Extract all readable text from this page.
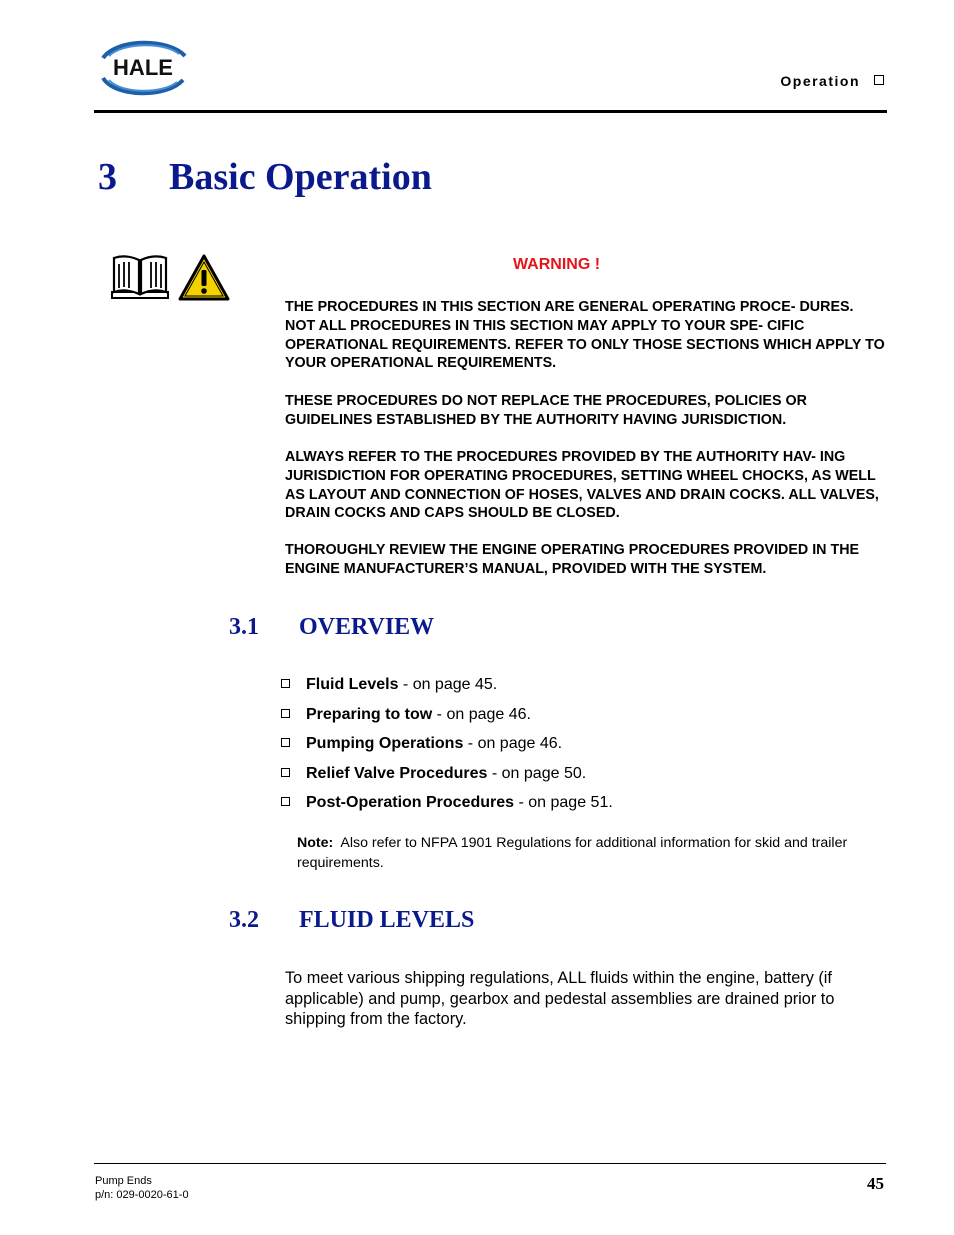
HALE
Operation
3 Basic Operation
WARNING !

THE PROCEDURES IN THIS SECTION ARE GENERAL OPERATING PROCE- DURES. NOT ALL PROCEDURES IN THIS SECTION MAY APPLY TO YOUR SPE- CIFIC OPERATIONAL REQUIREMENTS. REFER TO ONLY THOSE SECTIONS WHICH APPLY TO YOUR OPERATIONAL REQUIREMENTS.

THESE PROCEDURES DO NOT REPLACE THE PROCEDURES, POLICIES OR GUIDELINES ESTABLISHED BY THE AUTHORITY HAVING JURISDICTION.

ALWAYS REFER TO THE PROCEDURES PROVIDED BY THE AUTHORITY HAV- ING JURISDICTION FOR OPERATING PROCEDURES, SETTING WHEEL CHOCKS, AS WELL AS LAYOUT AND CONNECTION OF HOSES, VALVES AND DRAIN COCKS. ALL VALVES, DRAIN COCKS AND CAPS SHOULD BE CLOSED.

THOROUGHLY REVIEW THE ENGINE OPERATING PROCEDURES PROVIDED IN THE ENGINE MANUFACTURER’S MANUAL, PROVIDED WITH THE SYSTEM.

3.1 OVERVIEW
Fluid Levels - on page 45.
Preparing to tow - on page 46.
Pumping Operations - on page 46.
Relief Valve Procedures - on page 50.
Post-Operation Procedures - on page 51.
Note: Also refer to NFPA 1901 Regulations for additional information for skid and trailer requirements.
3.2 FLUID LEVELS

To meet various shipping regulations, ALL fluids within the engine, battery (if applicable) and pump, gearbox and pedestal assemblies are drained prior to shipping from the factory.

Pump Ends
p/n: 029-0020-61-0
45
